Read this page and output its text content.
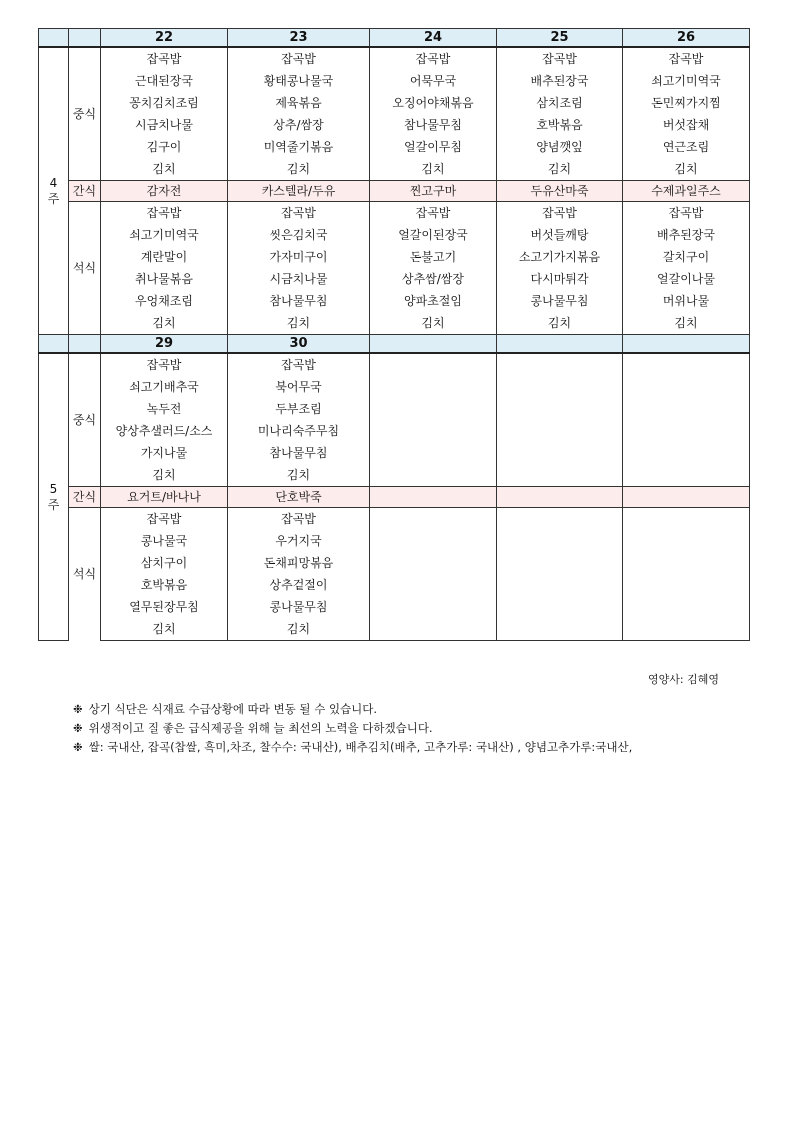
		22	23	24	25	26

4
주	중식	잡곡밥	잡곡밥	잡곡밥	잡곡밥	잡곡밥
		근대된장국	황태콩나물국	어묵무국	배추된장국	쇠고기미역국
		꽁치김치조림	제육볶음	오징어야채볶음	삼치조림	돈민찌가지찜
		시금치나물	상추/쌈장	참나물무침	호박볶음	버섯잡채
		김구이	미역줄기볶음	얼갈이무침	양념깻잎	연근조림
		김치	김치	김치	김치	김치
	간식	감자전	카스텔라/두유	찐고구마	두유산마죽	수제과일주스
	석식	잡곡밥	잡곡밥	잡곡밥	잡곡밥	잡곡밥
		쇠고기미역국	씻은김치국	얼갈이된장국	버섯들깨탕	배추된장국
		계란말이	가자미구이	돈불고기	소고기가지볶음	갈치구이
		취나물볶음	시금치나물	상추쌈/쌈장	다시마튀각	얼갈이나물
		우엉채조림	참나물무침	양파초절임	콩나물무침	머위나물
		김치	김치	김치	김치	김치
		29	30			

5
주	중식	잡곡밥	잡곡밥			
		쇠고기배추국	북어무국			
		녹두전	두부조림			
		양상추샐러드/소스	미나리숙주무침			
		가지나물	참나물무침			
		김치	김치			
	간식	요거트/바나나	단호박죽			
	석식	잡곡밥	잡곡밥			
		콩나물국	우거지국			
		삼치구이	돈채피망볶음			
		호박볶음	상추겉절이			
		열무된장무침	콩나물무침			
		김치	김치			
영양사: 김혜영
❉ 상기 식단은 식재료 수급상황에 따라 변동 될 수 있습니다.
❉ 위생적이고 질 좋은 급식제공을 위해 늘 최선의 노력을 다하겠습니다.
❉ 쌀: 국내산, 잡곡(찹쌀, 흑미,차조, 찰수수: 국내산), 배추김치(배추, 고추가루: 국내산) , 양념고추가루:국내산,
